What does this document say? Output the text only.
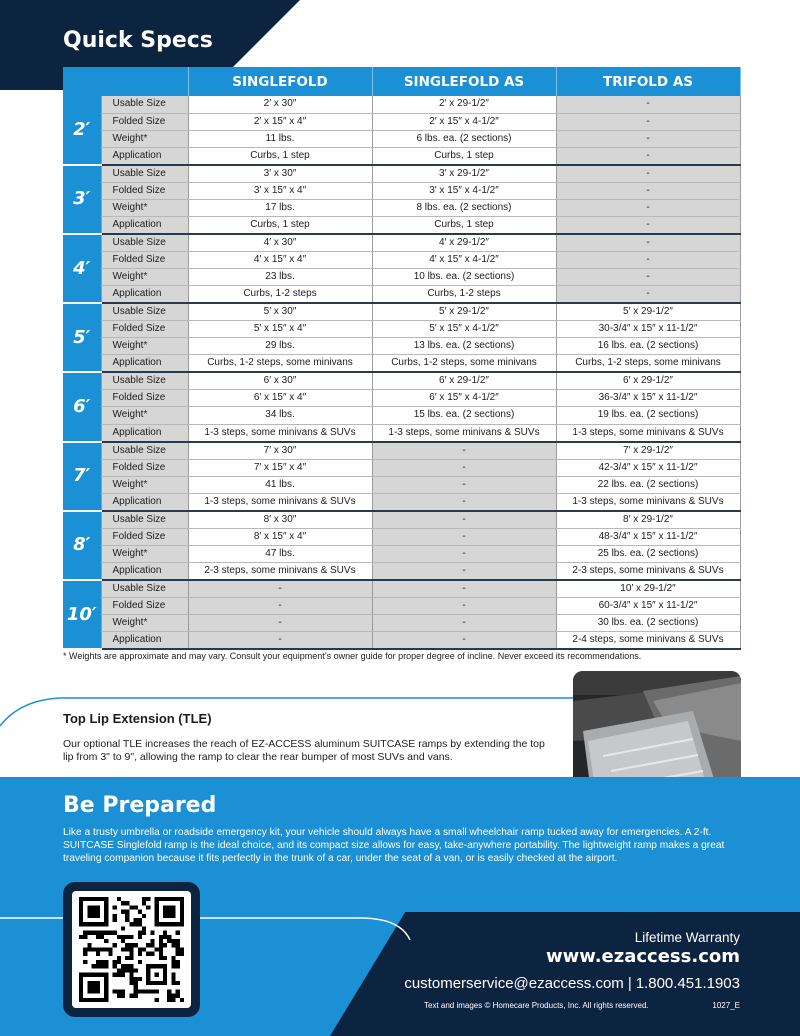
Quick Specs
		SINGLEFOLD	SINGLEFOLD AS	TRIFOLD AS
2′	Usable Size	2′ x 30″	2′ x 29-1/2″	-
	Folded Size	2′ x 15″ x 4″	2′ x 15″ x 4-1/2″	-
	Weight*	11 lbs.	6 lbs. ea. (2 sections)	-
	Application	Curbs, 1 step	Curbs, 1 step	-
3′	Usable Size	3′ x 30″	3′ x 29-1/2″	-
	Folded Size	3′ x 15″ x 4″	3′ x 15″ x 4-1/2″	-
	Weight*	17 lbs.	8 lbs. ea. (2 sections)	-
	Application	Curbs, 1 step	Curbs, 1 step	-
4′	Usable Size	4′ x 30″	4′ x 29-1/2″	-
	Folded Size	4′ x 15″ x 4″	4′ x 15″ x 4-1/2″	-
	Weight*	23 lbs.	10 lbs. ea. (2 sections)	-
	Application	Curbs, 1-2 steps	Curbs, 1-2 steps	-
5′	Usable Size	5′ x 30″	5′ x 29-1/2″	5′ x 29-1/2″
	Folded Size	5′ x 15″ x 4″	5′ x 15″ x 4-1/2″	30-3/4″ x 15″ x 11-1/2″
	Weight*	29 lbs.	13 lbs. ea. (2 sections)	16 lbs. ea. (2 sections)
	Application	Curbs, 1-2 steps, some minivans	Curbs, 1-2 steps, some minivans	Curbs, 1-2 steps, some minivans
6′	Usable Size	6′ x 30″	6′ x 29-1/2″	6′ x 29-1/2″
	Folded Size	6′ x 15″ x 4″	6′ x 15″ x 4-1/2″	36-3/4″ x 15″ x 11-1/2″
	Weight*	34 lbs.	15 lbs. ea. (2 sections)	19 lbs. ea. (2 sections)
	Application	1-3 steps, some minivans & SUVs	1-3 steps, some minivans & SUVs	1-3 steps, some minivans & SUVs
7′	Usable Size	7′ x 30″	-	7′ x 29-1/2″
	Folded Size	7′ x 15″ x 4″	-	42-3/4″ x 15″ x 11-1/2″
	Weight*	41 lbs.	-	22 lbs. ea. (2 sections)
	Application	1-3 steps, some minivans & SUVs	-	1-3 steps, some minivans & SUVs
8′	Usable Size	8′ x 30″	-	8′ x 29-1/2″
	Folded Size	8′ x 15″ x 4″	-	48-3/4″ x 15″ x 11-1/2″
	Weight*	47 lbs.	-	25 lbs. ea. (2 sections)
	Application	2-3 steps, some minivans & SUVs	-	2-3 steps, some minivans & SUVs
10′	Usable Size	-	-	10′ x 29-1/2″
	Folded Size	-	-	60-3/4″ x 15″ x 11-1/2″
	Weight*	-	-	30 lbs. ea. (2 sections)
	Application	-	-	2-4 steps, some minivans & SUVs
* Weights are approximate and may vary. Consult your equipment’s owner guide for proper degree of incline. Never exceed its recommendations.
Top Lip Extension (TLE)
Our optional TLE increases the reach of EZ-ACCESS aluminum SUITCASE ramps by extending the top lip from 3" to 9", allowing the ramp to clear the rear bumper of most SUVs and vans.
Be Prepared
Like a trusty umbrella or roadside emergency kit, your vehicle should always have a small wheelchair ramp tucked away for emergencies. A 2-ft. SUITCASE Singlefold ramp is the ideal choice, and its compact size allows for easy, take-anywhere portability. The lightweight ramp makes a great traveling companion because it fits perfectly in the trunk of a car, under the seat of a van, or is easily checked at the airport.
Lifetime Warranty
www.ezaccess.com
customerservice@ezaccess.com | 1.800.451.1903
Text and images © Homecare Products, Inc. All rights reserved.	1027_E
